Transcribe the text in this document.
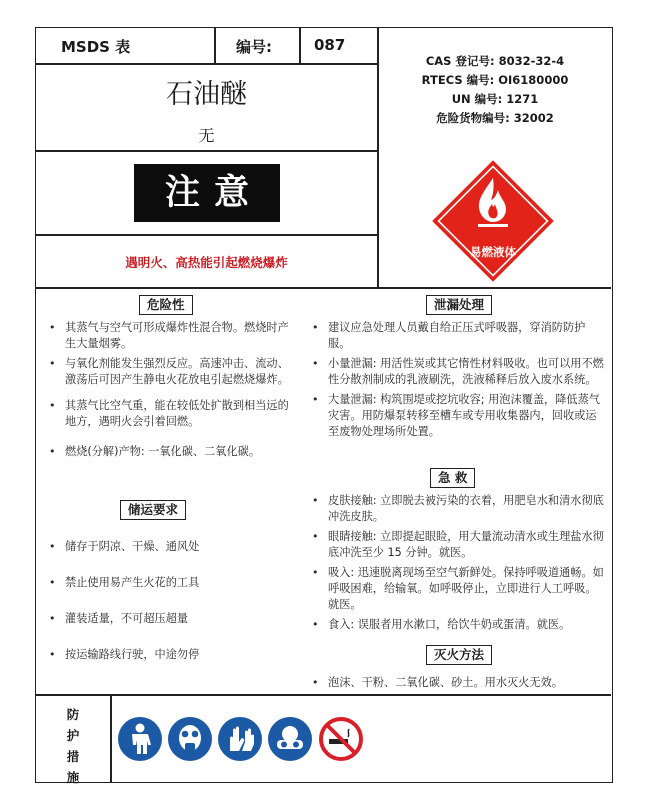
MSDS 表	编号:	087
CAS 登记号: 8032-32-4
RTECS 编号: OI6180000
UN 编号: 1271
危险货物编号: 32002
石油醚
无
注意
遇明火、高热能引起燃烧爆炸
易燃液体
危险性
• 其蒸气与空气可形成爆炸性混合物。燃烧时产生大量烟雾。
• 与氧化剂能发生强烈反应。高速冲击、流动、激荡后可因产生静电火花放电引起燃烧爆炸。
• 其蒸气比空气重，能在较低处扩散到相当远的地方，遇明火会引着回燃。
• 燃烧(分解)产物: 一氧化碳、二氧化碳。
储运要求
• 储存于阴凉、干燥、通风处
• 禁止使用易产生火花的工具
• 灌装适量，不可超压超量
• 按运输路线行驶，中途勿停
泄漏处理
• 建议应急处理人员戴自给正压式呼吸器，穿消防防护服。
• 小量泄漏: 用活性炭或其它惰性材料吸收。也可以用不燃性分散剂制成的乳液刷洗，洗液稀释后放入废水系统。
• 大量泄漏: 构筑围堤或挖坑收容; 用泡沫覆盖，降低蒸气灾害。用防爆泵转移至槽车或专用收集器内，回收或运至废物处理场所处置。
急 救
• 皮肤接触: 立即脱去被污染的衣着，用肥皂水和清水彻底冲洗皮肤。
• 眼睛接触: 立即提起眼睑，用大量流动清水或生理盐水彻底冲洗至少 15 分钟。就医。
• 吸入: 迅速脱离现场至空气新鲜处。保持呼吸道通畅。如呼吸困难，给输氧。如呼吸停止，立即进行人工呼吸。就医。
• 食入: 误服者用水漱口，给饮牛奶或蛋清。就医。
灭火方法
• 泡沫、干粉、二氧化碳、砂土。用水灭火无效。
防
护
措
施
